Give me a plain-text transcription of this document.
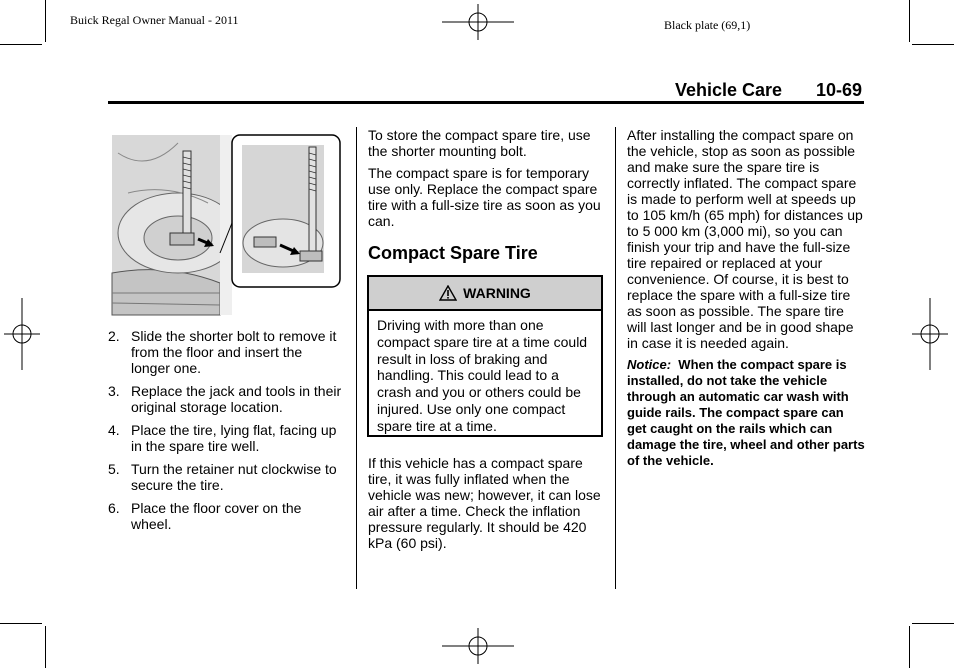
Buick Regal Owner Manual - 2011	Black plate (69,1)
Vehicle Care 10-69
2. Slide the shorter bolt to remove it from the floor and insert the longer one.
3. Replace the jack and tools in their original storage location.
4. Place the tire, lying flat, facing up in the spare tire well.
5. Turn the retainer nut clockwise to secure the tire.
6. Place the floor cover on the wheel.

To store the compact spare tire, use the shorter mounting bolt.

The compact spare is for temporary use only. Replace the compact spare tire with a full-size tire as soon as you can.

Compact Spare Tire
WARNING
Driving with more than one compact spare tire at a time could result in loss of braking and handling. This could lead to a crash and you or others could be injured. Use only one compact spare tire at a time.

If this vehicle has a compact spare tire, it was fully inflated when the vehicle was new; however, it can lose air after a time. Check the inflation pressure regularly. It should be 420 kPa (60 psi).

After installing the compact spare on the vehicle, stop as soon as possible and make sure the spare tire is correctly inflated. The compact spare is made to perform well at speeds up to 105 km/h (65 mph) for distances up to 5 000 km (3,000 mi), so you can finish your trip and have the full-size tire repaired or replaced at your convenience. Of course, it is best to replace the spare with a full-size tire as soon as possible. The spare tire will last longer and be in good shape in case it is needed again.

Notice: When the compact spare is installed, do not take the vehicle through an automatic car wash with guide rails. The compact spare can get caught on the rails which can damage the tire, wheel and other parts of the vehicle.
